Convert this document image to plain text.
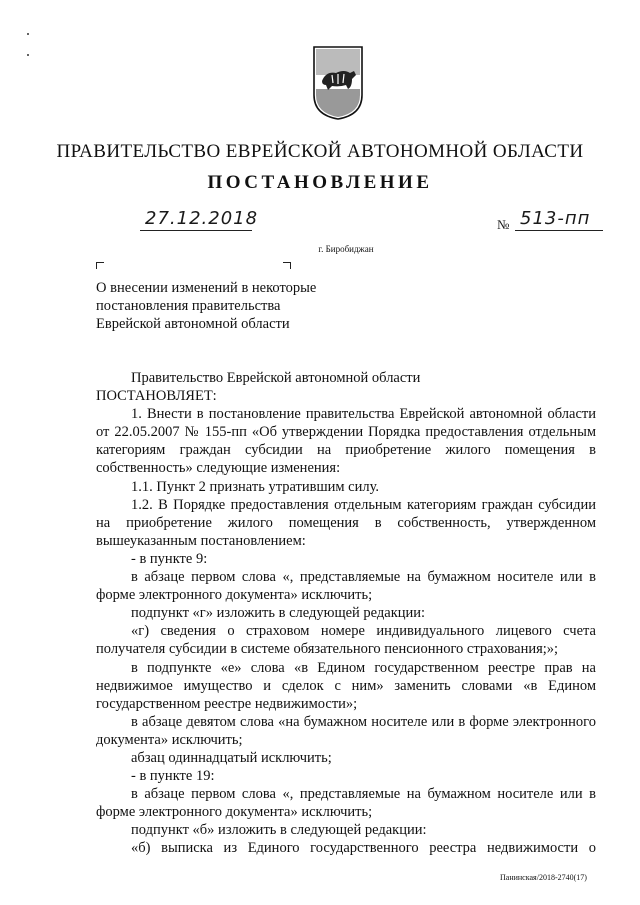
ПРАВИТЕЛЬСТВО ЕВРЕЙСКОЙ АВТОНОМНОЙ ОБЛАСТИ
ПОСТАНОВЛЕНИЕ
27.12.2018	№ 513-пп
г. Биробиджан
О внесении изменений в некоторые
постановления правительства
Еврейской автономной области

Правительство Еврейской автономной области

ПОСТАНОВЛЯЕТ:

1. Внести в постановление правительства Еврейской автономной области от 22.05.2007 № 155-пп «Об утверждении Порядка предоставления отдельным категориям граждан субсидии на приобретение жилого помещения в собственность» следующие изменения:

1.1. Пункт 2 признать утратившим силу.

1.2. В Порядке предоставления отдельным категориям граждан субсидии на приобретение жилого помещения в собственность, утвержденном вышеуказанным постановлением:

- в пункте 9:

в абзаце первом слова «, представляемые на бумажном носителе или в форме электронного документа» исключить;

подпункт «г» изложить в следующей редакции:

«г) сведения о страховом номере индивидуального лицевого счета получателя субсидии в системе обязательного пенсионного страхования;»;

в подпункте «е» слова «в Едином государственном реестре прав на недвижимое имущество и сделок с ним» заменить словами «в Едином государственном реестре недвижимости»;

в абзаце девятом слова «на бумажном носителе или в форме электронного документа» исключить;

абзац одиннадцатый исключить;

- в пункте 19:

в абзаце первом слова «, представляемые на бумажном носителе или в форме электронного документа» исключить;

подпункт «б» изложить в следующей редакции:

«б) выписка из Единого государственного реестра недвижимости о

Панинская/2018-2740(17)
